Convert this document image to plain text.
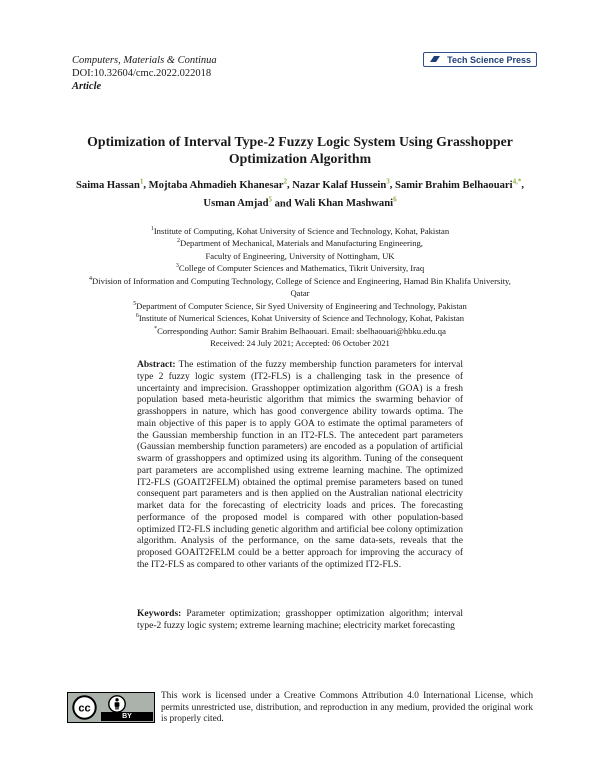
Computers, Materials & Continua
DOI:10.32604/cmc.2022.022018
Article
Tech Science Press
Optimization of Interval Type-2 Fuzzy Logic System Using Grasshopper
Optimization Algorithm
Saima Hassan$^1$, Mojtaba Ahmadieh Khanesar$^2$, Nazar Kalaf Hussein$^3$, Samir Brahim Belhaouari$^{4,*}$,
Usman Amjad$^5$ and Wali Khan Mashwani$^6$
$^1$Institute of Computing, Kohat University of Science and Technology, Kohat, Pakistan
$^2$Department of Mechanical, Materials and Manufacturing Engineering,
Faculty of Engineering, University of Nottingham, UK
$^3$College of Computer Sciences and Mathematics, Tikrit University, Iraq
$^4$Division of Information and Computing Technology, College of Science and Engineering, Hamad Bin Khalifa University,
Qatar
$^5$Department of Computer Science, Sir Syed University of Engineering and Technology, Pakistan
$^6$Institute of Numerical Sciences, Kohat University of Science and Technology, Kohat, Pakistan
*Corresponding Author: Samir Brahim Belhaouari. Email: sbelhaouari@hbku.edu.qa
Received: 24 July 2021; Accepted: 06 October 2021
Abstract: The estimation of the fuzzy membership function parameters for interval type 2 fuzzy logic system (IT2-FLS) is a challenging task in the presence of uncertainty and imprecision. Grasshopper optimization algorithm (GOA) is a fresh population based meta-heuristic algorithm that mimics the swarming behavior of grasshoppers in nature, which has good convergence ability towards optima. The main objective of this paper is to apply GOA to estimate the optimal parameters of the Gaussian membership function in an IT2-FLS. The antecedent part parameters (Gaussian membership function parameters) are encoded as a population of artificial swarm of grasshoppers and optimized using its algorithm. Tuning of the consequent part parameters are accomplished using extreme learning machine. The optimized IT2-FLS (GOAIT2FELM) obtained the optimal premise parameters based on tuned consequent part parameters and is then applied on the Australian national electricity market data for the forecasting of electricity loads and prices. The forecasting performance of the proposed model is compared with other population-based optimized IT2-FLS including genetic algorithm and artificial bee colony optimization algorithm. Analysis of the performance, on the same data-sets, reveals that the proposed GOAIT2FELM could be a better approach for improving the accuracy of the IT2-FLS as compared to other variants of the optimized IT2-FLS.
Keywords: Parameter optimization; grasshopper optimization algorithm; interval type-2 fuzzy logic system; extreme learning machine; electricity market forecasting
cc
BY
This work is licensed under a Creative Commons Attribution 4.0 International License, which permits unrestricted use, distribution, and reproduction in any medium, provided the original work is properly cited.
